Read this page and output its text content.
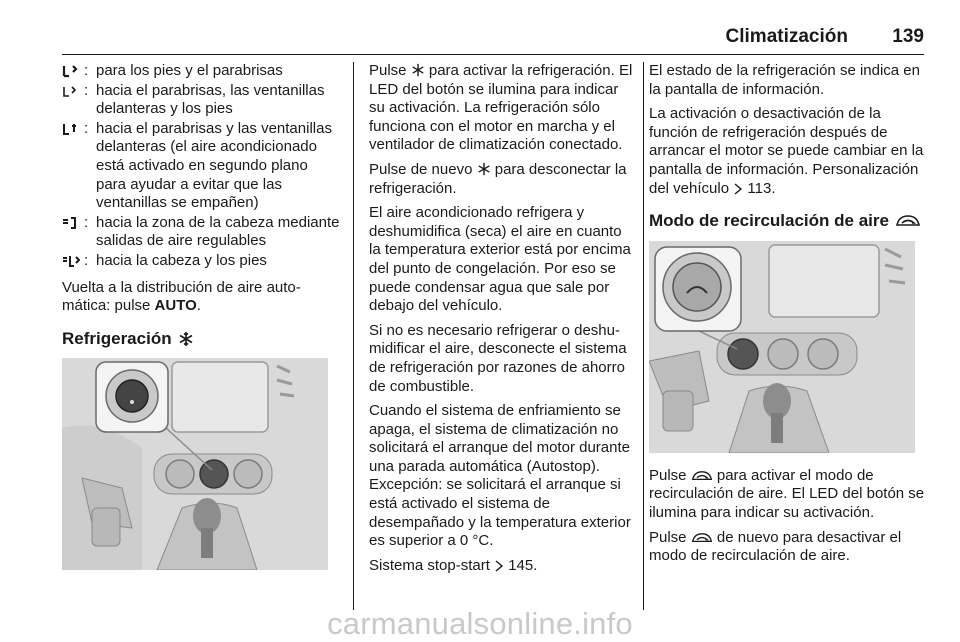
Climatización 139
: para los pies y el parabrisas
: hacia el parabrisas, las ventanillas delanteras y los pies
: hacia el parabrisas y las ventanillas delanteras (el aire acondicionado está activado en segundo plano para ayudar a evitar que las ventanillas se empañen)
: hacia la zona de la cabeza mediante salidas de aire regulables
: hacia la cabeza y los pies

Vuelta a la distribución de aire automática: pulse AUTO.

Refrigeración

Pulse  para activar la refrigeración. El LED del botón se ilumina para indicar su activación. La refrigeración sólo funciona con el motor en marcha y el ventilador de climatización conectado.

Pulse de nuevo  para desconectar la refrigeración.

El aire acondicionado refrigera y deshumidifica (seca) el aire en cuanto la temperatura exterior está por encima del punto de congelación. Por eso se puede condensar agua que sale por debajo del vehículo.

Si no es necesario refrigerar o deshumidificar el aire, desconecte el sistema de refrigeración por razones de ahorro de combustible.

Cuando el sistema de enfriamiento se apaga, el sistema de climatización no solicitará el arranque del motor durante una parada automática (Autostop). Excepción: se solicitará el arranque si está activado el sistema de desempañado y la temperatura exterior es superior a 0 °C.

Sistema stop-start  145.

El estado de la refrigeración se indica en la pantalla de información.

La activación o desactivación de la función de refrigeración después de arrancar el motor se puede cambiar en la pantalla de información. Personalización del vehículo  113.

Modo de recirculación de aire

Pulse  para activar el modo de recirculación de aire. El LED del botón se ilumina para indicar su activación.

Pulse  de nuevo para desactivar el modo de recirculación de aire.

carmanualsonline.info
